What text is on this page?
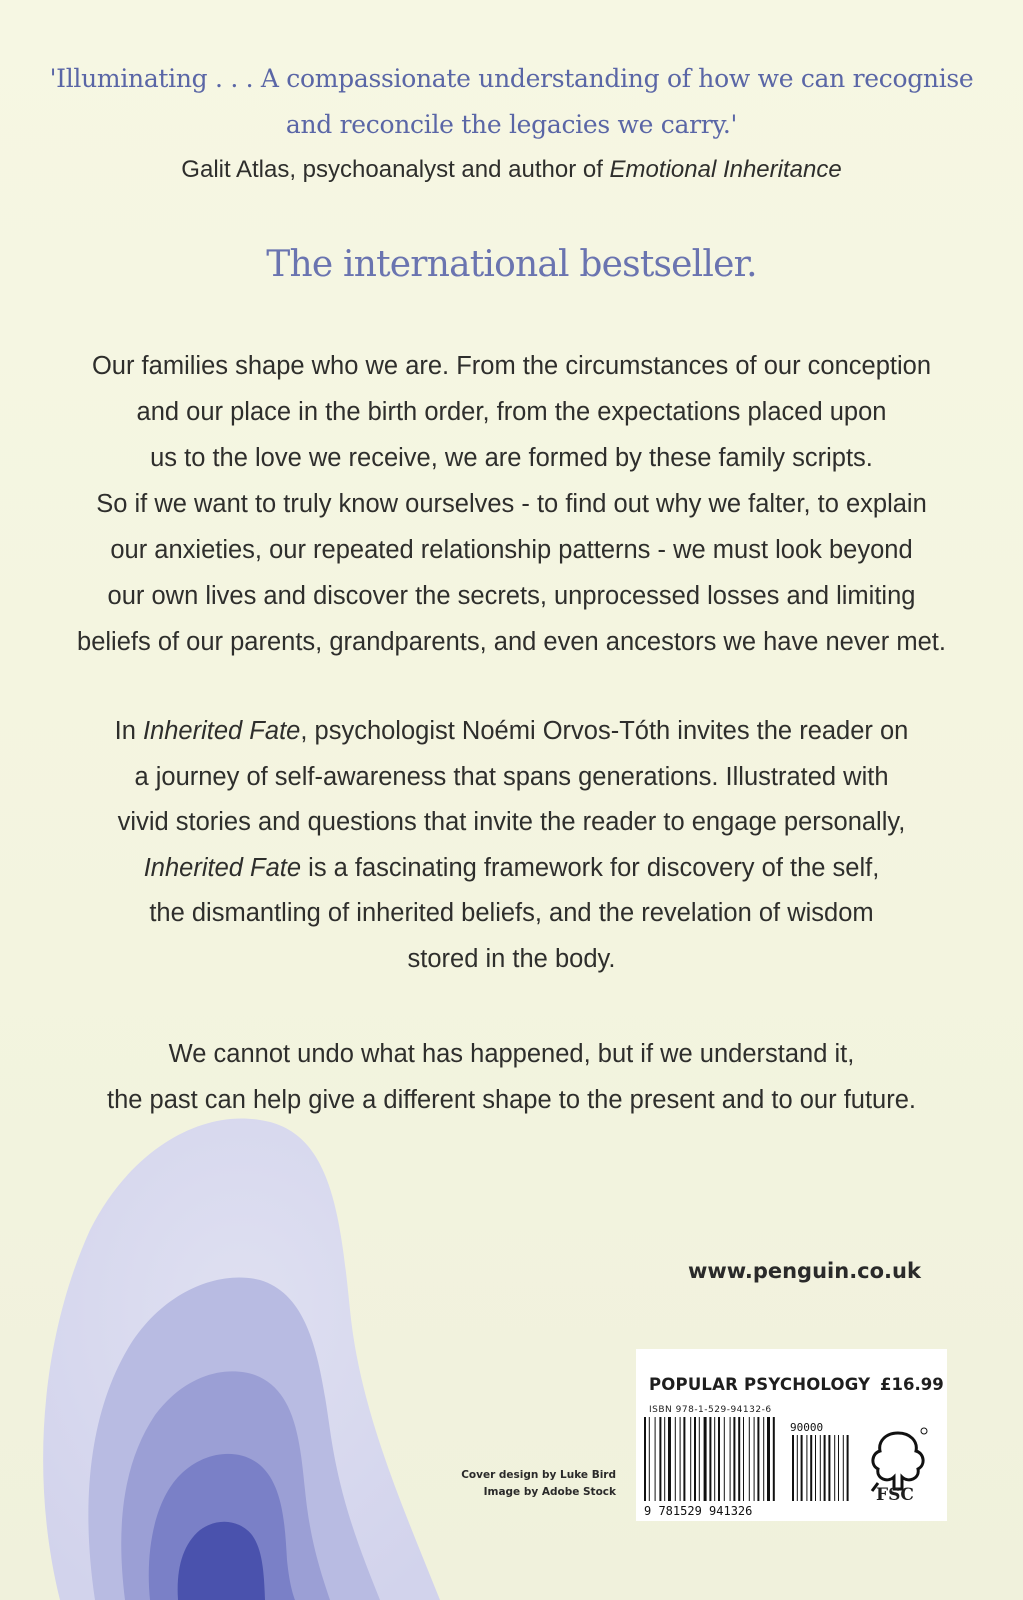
'Illuminating . . . A compassionate understanding of how we can recognise
and reconcile the legacies we carry.'
Galit Atlas, psychoanalyst and author of Emotional Inheritance
The international bestseller.
Our families shape who we are. From the circumstances of our conception
and our place in the birth order, from the expectations placed upon
us to the love we receive, we are formed by these family scripts.
So if we want to truly know ourselves - to find out why we falter, to explain
our anxieties, our repeated relationship patterns - we must look beyond
our own lives and discover the secrets, unprocessed losses and limiting
beliefs of our parents, grandparents, and even ancestors we have never met.
In Inherited Fate, psychologist Noémi Orvos-Tóth invites the reader on
a journey of self-awareness that spans generations. Illustrated with
vivid stories and questions that invite the reader to engage personally,
Inherited Fate is a fascinating framework for discovery of the self,
the dismantling of inherited beliefs, and the revelation of wisdom
stored in the body.
We cannot undo what has happened, but if we understand it,
the past can help give a different shape to the present and to our future.
www.penguin.co.uk
POPULAR PSYCHOLOGY £16.99
ISBN 978-1-529-94132-6
9 781529 941326
90000
FSC
Cover design by Luke Bird
Image by Adobe Stock
